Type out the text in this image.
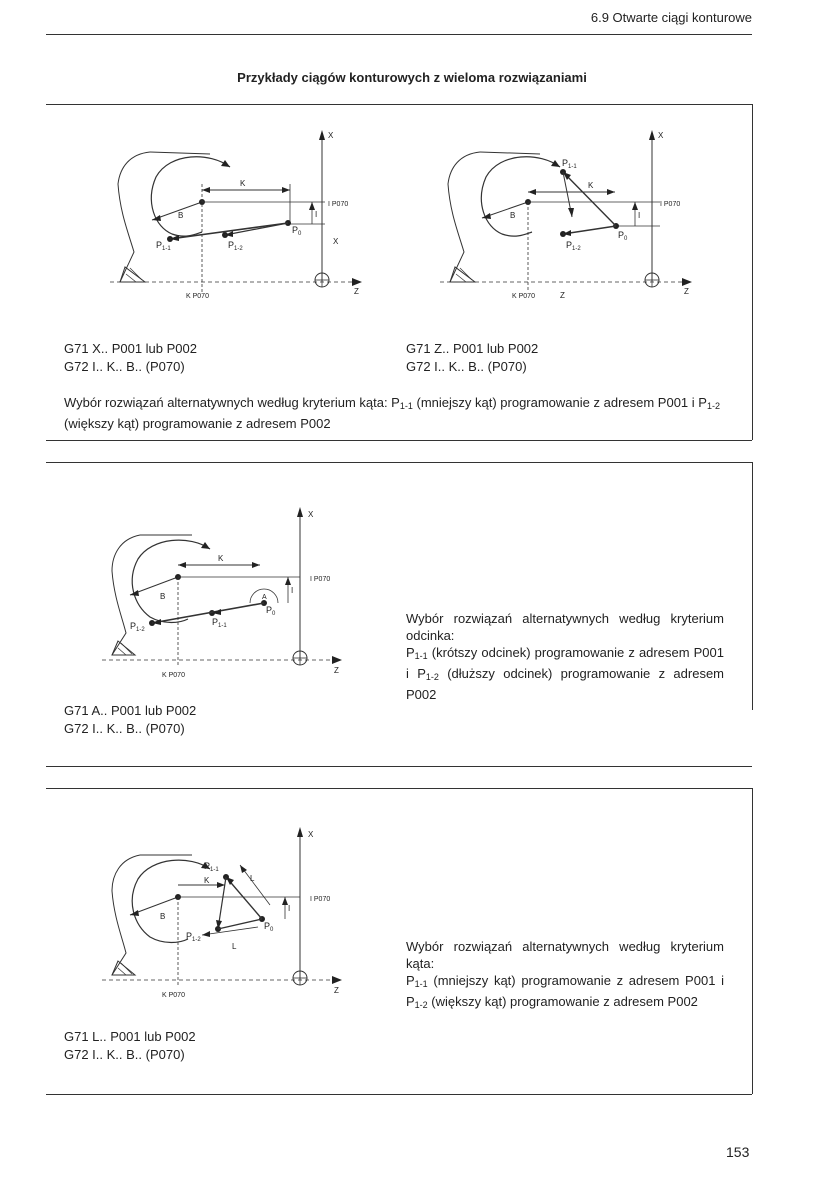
6.9 Otwarte ciągi konturowe
Przykłady ciągów konturowych z wieloma rozwiązaniami
X
K
B
I P070
I
X
$P_0$
$P_{1-1}$	$P_{1-2}$
K P070
Z
X
K
B
I P070
I
$P_0$
$P_{1-1}$
$P_{1-2}$
K P070	Z	Z
G71 X.. P001 lub P002
G72 I.. K.. B.. (P070)
G71 Z.. P001 lub P002
G72 I.. K.. B.. (P070)
Wybór rozwiązań alternatywnych według kryterium kąta: $P_{1-1}$ (mniejszy kąt) programowanie z adresem P001 i $P_{1-2}$ (większy kąt) programowanie z adresem P002
X
K
B	A
I P070
I
$P_0$
$P_{1-2}$
$P_{1-1}$
K P070
Z
Wybór rozwiązań alternatywnych według kryterium odcinka:
$P_{1-1}$ (krótszy odcinek) programowanie z adresem P001 i $P_{1-2}$ (dłuższy odcinek) programowanie z adresem P002
G71 A.. P001 lub P002
G72 I.. K.. B.. (P070)
X
K
B
L
L
I P070
I
$P_0$
$P_{1-1}$
$P_{1-2}$
K P070
Z
Wybór rozwiązań alternatywnych według kryterium kąta:
$P_{1-1}$ (mniejszy kąt) programowanie z adresem P001 i $P_{1-2}$ (większy kąt) programowanie z adresem P002
G71 L.. P001 lub P002
G72 I.. K.. B.. (P070)
153
